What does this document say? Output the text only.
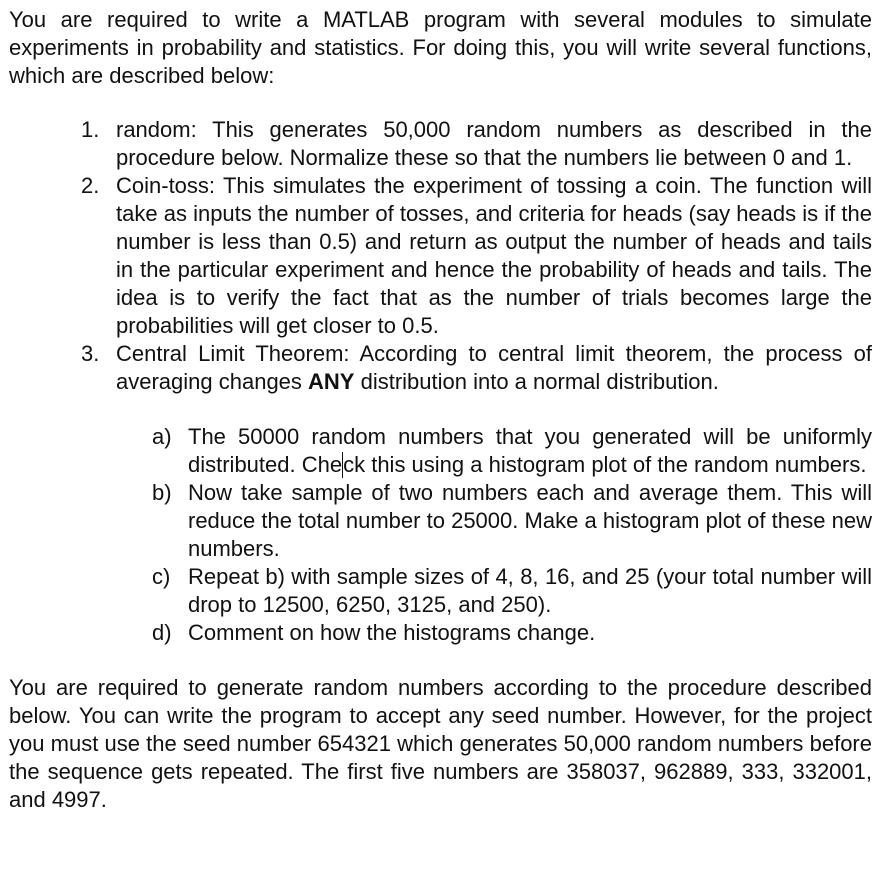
You are required to write a MATLAB program with several modules to simulate experiments in probability and statistics. For doing this, you will write several functions, which are described below:

1. random: This generates 50,000 random numbers as described in the procedure below. Normalize these so that the numbers lie between 0 and 1.
2. Coin-toss: This simulates the experiment of tossing a coin. The function will take as inputs the number of tosses, and criteria for heads (say heads is if the number is less than 0.5) and return as output the number of heads and tails in the particular experiment and hence the probability of heads and tails. The idea is to verify the fact that as the number of trials becomes large the probabilities will get closer to 0.5.
3. Central Limit Theorem: According to central limit theorem, the process of averaging changes ANY distribution into a normal distribution.
a) The 50000 random numbers that you generated will be uniformly distributed. Check this using a histogram plot of the random numbers.
b) Now take sample of two numbers each and average them. This will reduce the total number to 25000. Make a histogram plot of these new numbers.
c) Repeat b) with sample sizes of 4, 8, 16, and 25 (your total number will drop to 12500, 6250, 3125, and 250).
d) Comment on how the histograms change.

You are required to generate random numbers according to the procedure described below. You can write the program to accept any seed number. However, for the project you must use the seed number 654321 which generates 50,000 random numbers before the sequence gets repeated. The first five numbers are 358037, 962889, 333, 332001, and 4997.
